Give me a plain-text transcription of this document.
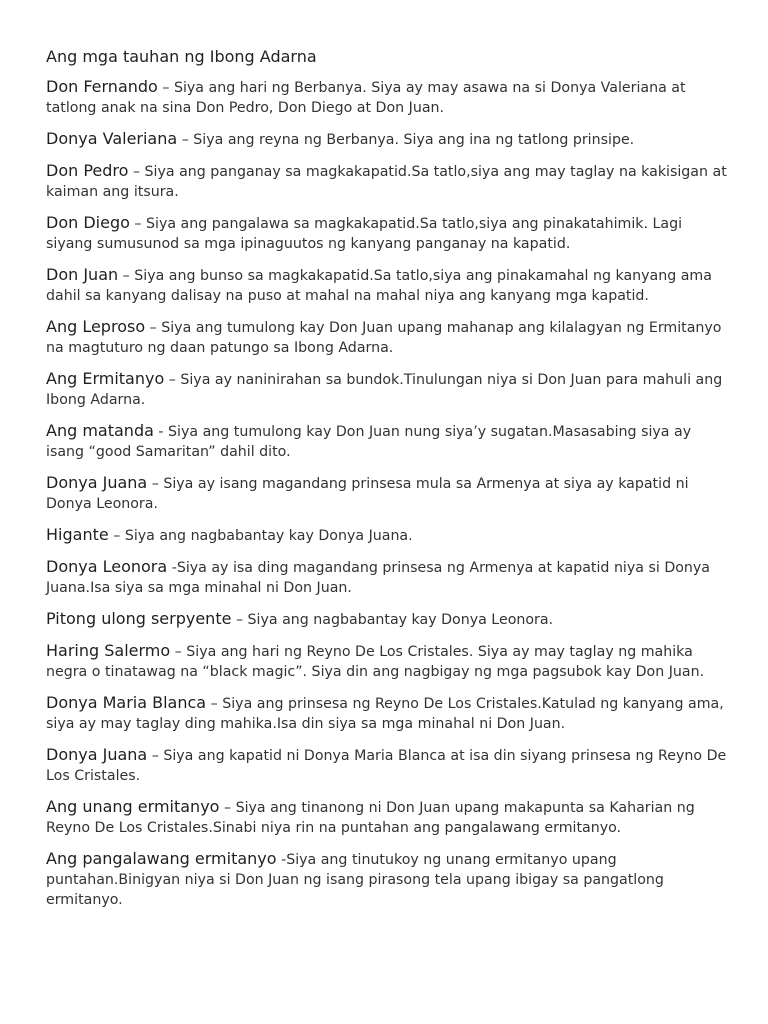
Ang mga tauhan ng Ibong Adarna

Don Fernando – Siya ang hari ng Berbanya. Siya ay may asawa na si Donya Valeriana at tatlong anak na sina Don Pedro, Don Diego at Don Juan.

Donya Valeriana – Siya ang reyna ng Berbanya. Siya ang ina ng tatlong prinsipe.

Don Pedro – Siya ang panganay sa magkakapatid.Sa tatlo,siya ang may taglay na kakisigan at kaiman ang itsura.

Don Diego – Siya ang pangalawa sa magkakapatid.Sa tatlo,siya ang pinakatahimik. Lagi siyang sumusunod sa mga ipinaguutos ng kanyang panganay na kapatid.

Don Juan – Siya ang bunso sa magkakapatid.Sa tatlo,siya ang pinakamahal ng kanyang ama dahil sa kanyang dalisay na puso at mahal na mahal niya ang kanyang mga kapatid.

Ang Leproso – Siya ang tumulong kay Don Juan upang mahanap ang kilalagyan ng Ermitanyo na magtuturo ng daan patungo sa Ibong Adarna.

Ang Ermitanyo – Siya ay naninirahan sa bundok.Tinulungan niya si Don Juan para mahuli ang Ibong Adarna.

Ang matanda - Siya ang tumulong kay Don Juan nung siya’y sugatan.Masasabing siya ay isang “good Samaritan” dahil dito.

Donya Juana – Siya ay isang magandang prinsesa mula sa Armenya at siya ay kapatid ni Donya Leonora.

Higante – Siya ang nagbabantay kay Donya Juana.

Donya Leonora -Siya ay isa ding magandang prinsesa ng Armenya at kapatid niya si Donya Juana.Isa siya sa mga minahal ni Don Juan.

Pitong ulong serpyente – Siya ang nagbabantay kay Donya Leonora.

Haring Salermo – Siya ang hari ng Reyno De Los Cristales. Siya ay may taglay ng mahika negra o tinatawag na “black magic”. Siya din ang nagbigay ng mga pagsubok kay Don Juan.

Donya Maria Blanca – Siya ang prinsesa ng Reyno De Los Cristales.Katulad ng kanyang ama, siya ay may taglay ding mahika.Isa din siya sa mga minahal ni Don Juan.

Donya Juana – Siya ang kapatid ni Donya Maria Blanca at isa din siyang prinsesa ng Reyno De Los Cristales.

Ang unang ermitanyo – Siya ang tinanong ni Don Juan upang makapunta sa Kaharian ng Reyno De Los Cristales.Sinabi niya rin na puntahan ang pangalawang ermitanyo.

Ang pangalawang ermitanyo -Siya ang tinutukoy ng unang ermitanyo upang puntahan.Binigyan niya si Don Juan ng isang pirasong tela upang ibigay sa pangatlong ermitanyo.
